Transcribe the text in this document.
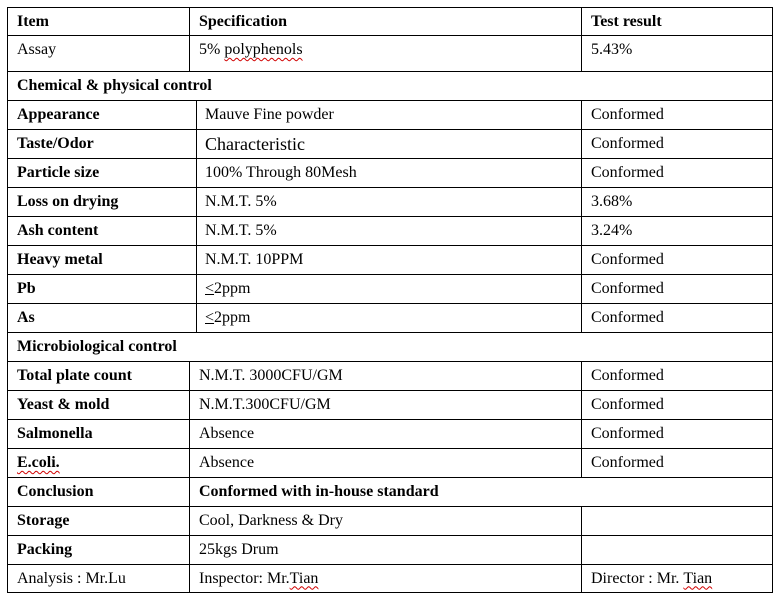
Item	Specification	Test result
Assay	5% polyphenols	5.43%
Chemical & physical control
Appearance	Mauve Fine powder	Conformed
Taste/Odor	Characteristic	Conformed
Particle size	100% Through 80Mesh	Conformed
Loss on drying	N.M.T. 5%	3.68%
Ash content	N.M.T. 5%	3.24%
Heavy metal	N.M.T. 10PPM	Conformed
Pb	≤ 2ppm	Conformed
As	≤ 2ppm	Conformed
Microbiological control
Total plate count	N.M.T. 3000CFU/GM	Conformed
Yeast & mold	N.M.T.300CFU/GM	Conformed
Salmonella	Absence	Conformed
E.coli.	Absence	Conformed
Conclusion	Conformed with in-house standard
Storage	Cool, Darkness & Dry
Packing	25kgs Drum
Analysis : Mr.Lu	Inspector: Mr. Tian	Director : Mr. Tian
